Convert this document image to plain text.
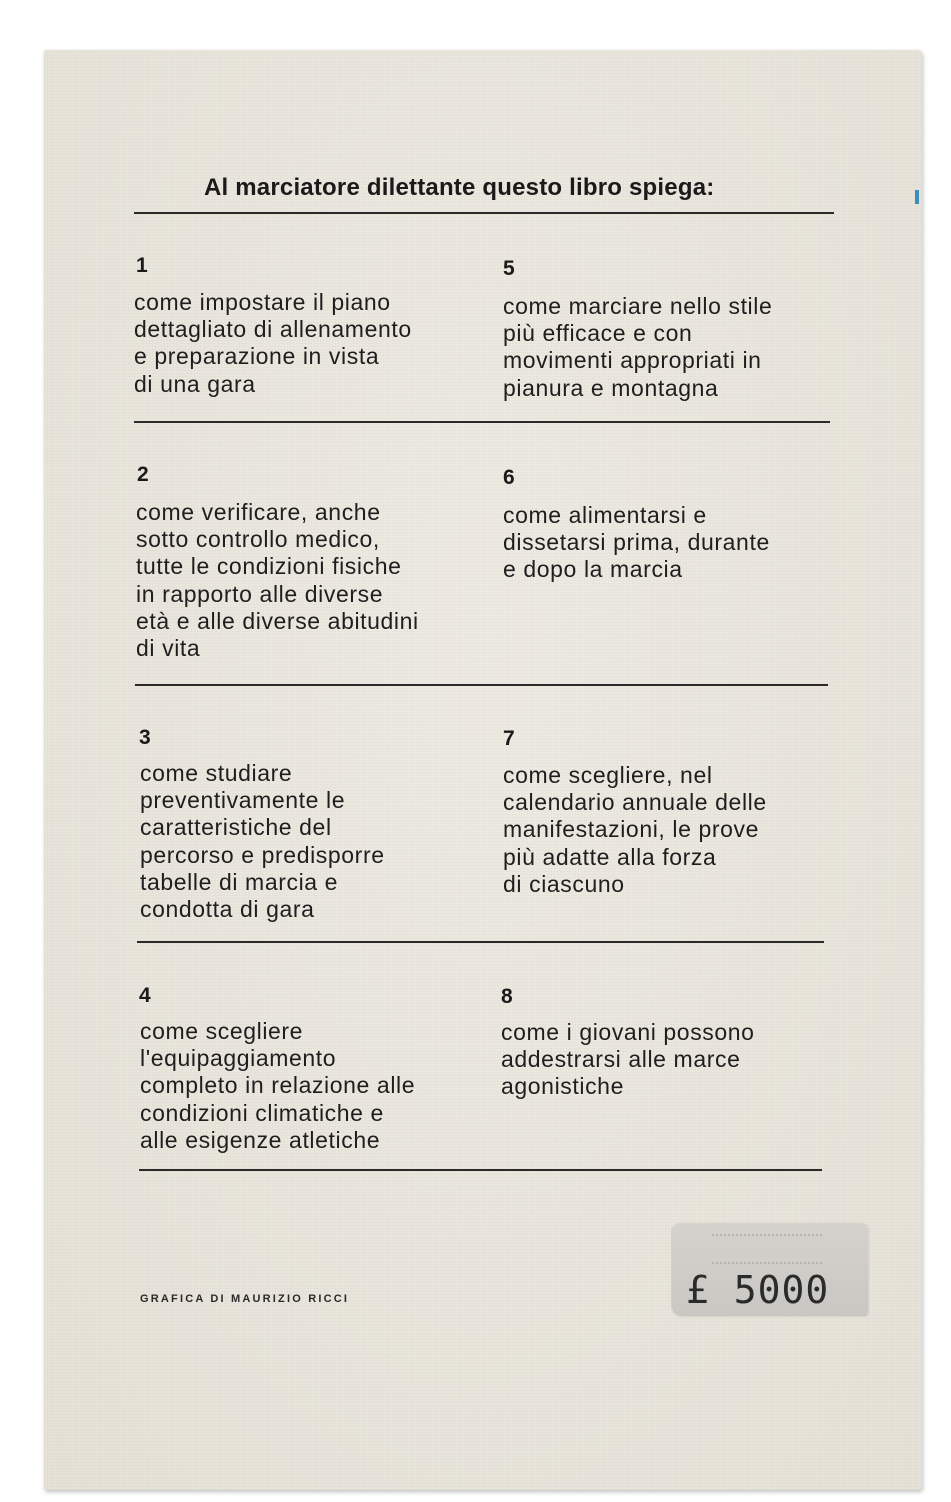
Al marciatore dilettante questo libro spiega:
1
come impostare il piano
dettagliato di allenamento
e preparazione in vista
di una gara
5
come marciare nello stile
più efficace e con
movimenti appropriati in
pianura e montagna
2
come verificare, anche
sotto controllo medico,
tutte le condizioni fisiche
in rapporto alle diverse
età e alle diverse abitudini
di vita
6
come alimentarsi e
dissetarsi prima, durante
e dopo la marcia
3
come studiare
preventivamente le
caratteristiche del
percorso e predisporre
tabelle di marcia e
condotta di gara
7
come scegliere, nel
calendario annuale delle
manifestazioni, le prove
più adatte alla forza
di ciascuno
4
come scegliere
l'equipaggiamento
completo in relazione alle
condizioni climatiche e
alle esigenze atletiche
8
come i giovani possono
addestrarsi alle marce
agonistiche
GRAFICA DI MAURIZIO RICCI	£ 5000
